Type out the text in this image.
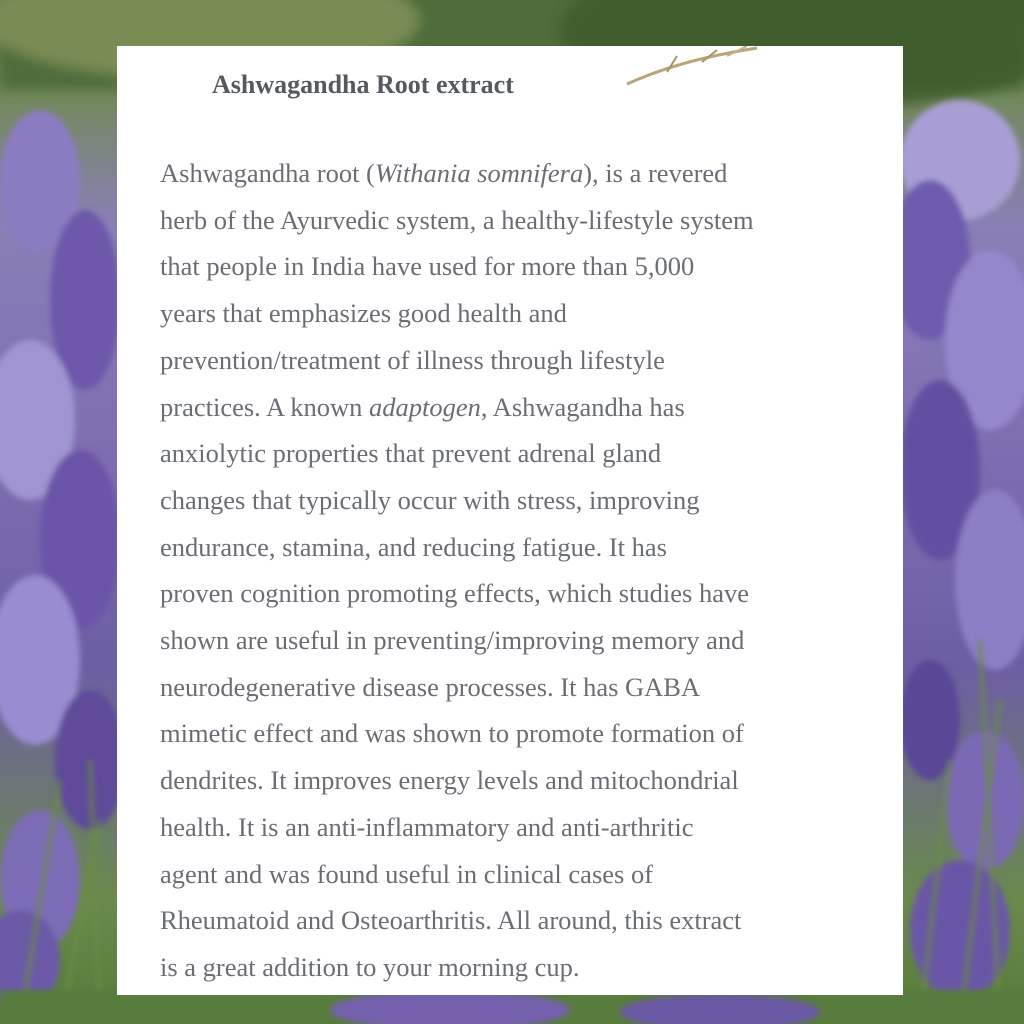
Ashwagandha Root extract

Ashwagandha root (Withania somnifera), is a revered
herb of the Ayurvedic system, a healthy-lifestyle system
that people in India have used for more than 5,000
years that emphasizes good health and
prevention/treatment of illness through lifestyle
practices. A known adaptogen, Ashwagandha has
anxiolytic properties that prevent adrenal gland
changes that typically occur with stress, improving
endurance, stamina, and reducing fatigue. It has
proven cognition promoting effects, which studies have
shown are useful in preventing/improving memory and
neurodegenerative disease processes. It has GABA
mimetic effect and was shown to promote formation of
dendrites. It improves energy levels and mitochondrial
health. It is an anti-inflammatory and anti-arthritic
agent and was found useful in clinical cases of
Rheumatoid and Osteoarthritis. All around, this extract
is a great addition to your morning cup.
